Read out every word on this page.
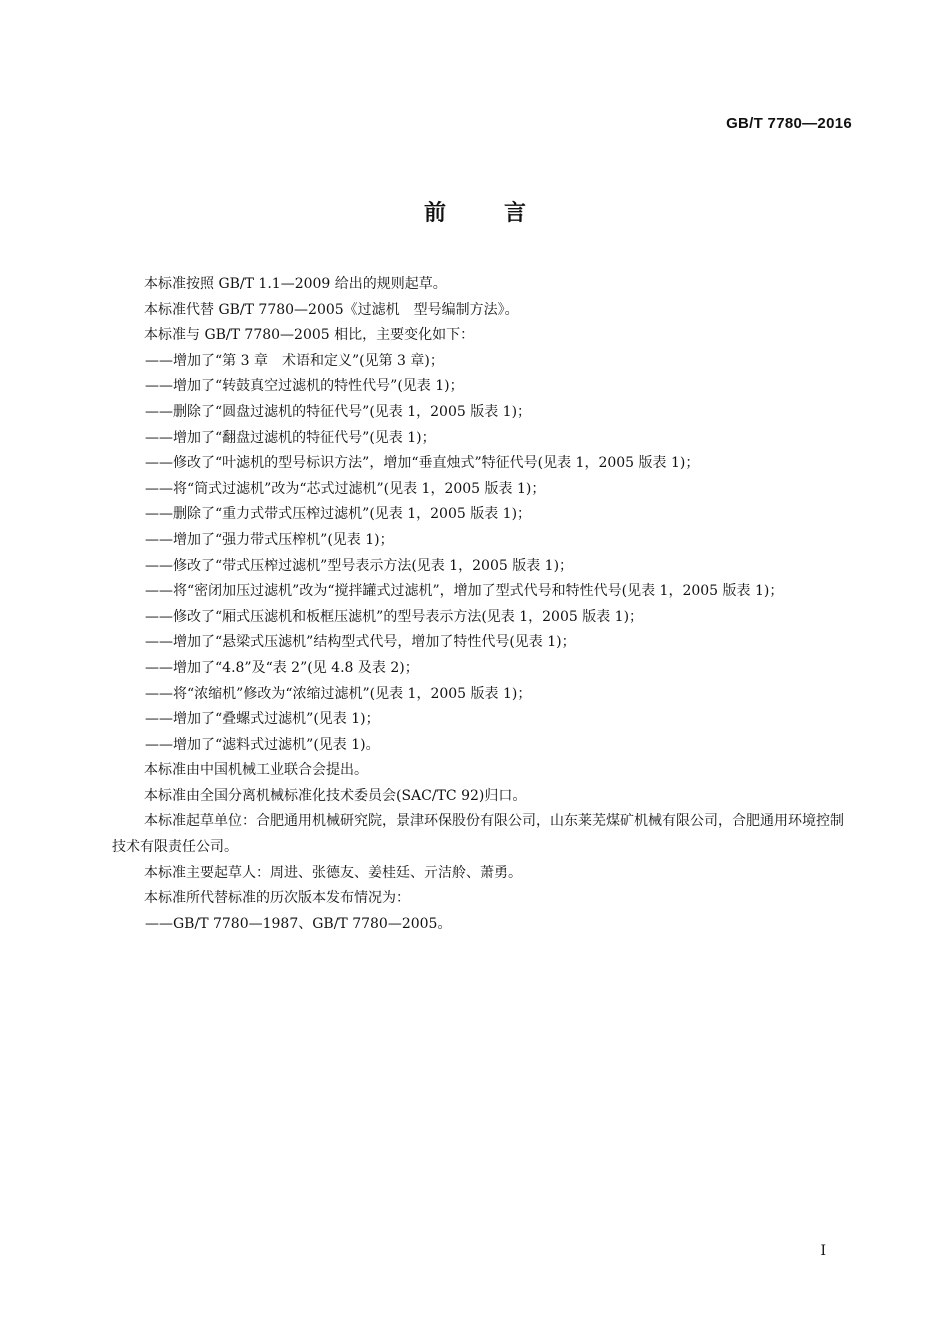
GB/T 7780—2016
前言
本标准按照 GB/T 1.1—2009 给出的规则起草。
本标准代替 GB/T 7780—2005《过滤机　型号编制方法》。
本标准与 GB/T 7780—2005 相比，主要变化如下：
——增加了“第 3 章　术语和定义”(见第 3 章)；
——增加了“转鼓真空过滤机的特性代号”(见表 1)；
——删除了“圆盘过滤机的特征代号”(见表 1，2005 版表 1)；
——增加了“翻盘过滤机的特征代号”(见表 1)；
——修改了“叶滤机的型号标识方法”，增加“垂直烛式”特征代号(见表 1，2005 版表 1)；
——将“筒式过滤机”改为“芯式过滤机”(见表 1，2005 版表 1)；
——删除了“重力式带式压榨过滤机”(见表 1，2005 版表 1)；
——增加了“强力带式压榨机”(见表 1)；
——修改了“带式压榨过滤机”型号表示方法(见表 1，2005 版表 1)；
——将“密闭加压过滤机”改为“搅拌罐式过滤机”，增加了型式代号和特性代号(见表 1，2005 版表 1)；
——修改了“厢式压滤机和板框压滤机”的型号表示方法(见表 1，2005 版表 1)；
——增加了“悬梁式压滤机”结构型式代号，增加了特性代号(见表 1)；
——增加了“4.8”及“表 2”(见 4.8 及表 2)；
——将“浓缩机”修改为“浓缩过滤机”(见表 1，2005 版表 1)；
——增加了“叠螺式过滤机”(见表 1)；
——增加了“滤料式过滤机”(见表 1)。
本标准由中国机械工业联合会提出。
本标准由全国分离机械标准化技术委员会(SAC/TC 92)归口。
本标准起草单位：合肥通用机械研究院，景津环保股份有限公司，山东莱芜煤矿机械有限公司，合肥通用环境控制技术有限责任公司。
本标准主要起草人：周进、张德友、姜桂廷、亓洁舲、萧勇。
本标准所代替标准的历次版本发布情况为：
——GB/T 7780—1987、GB/T 7780—2005。
I
